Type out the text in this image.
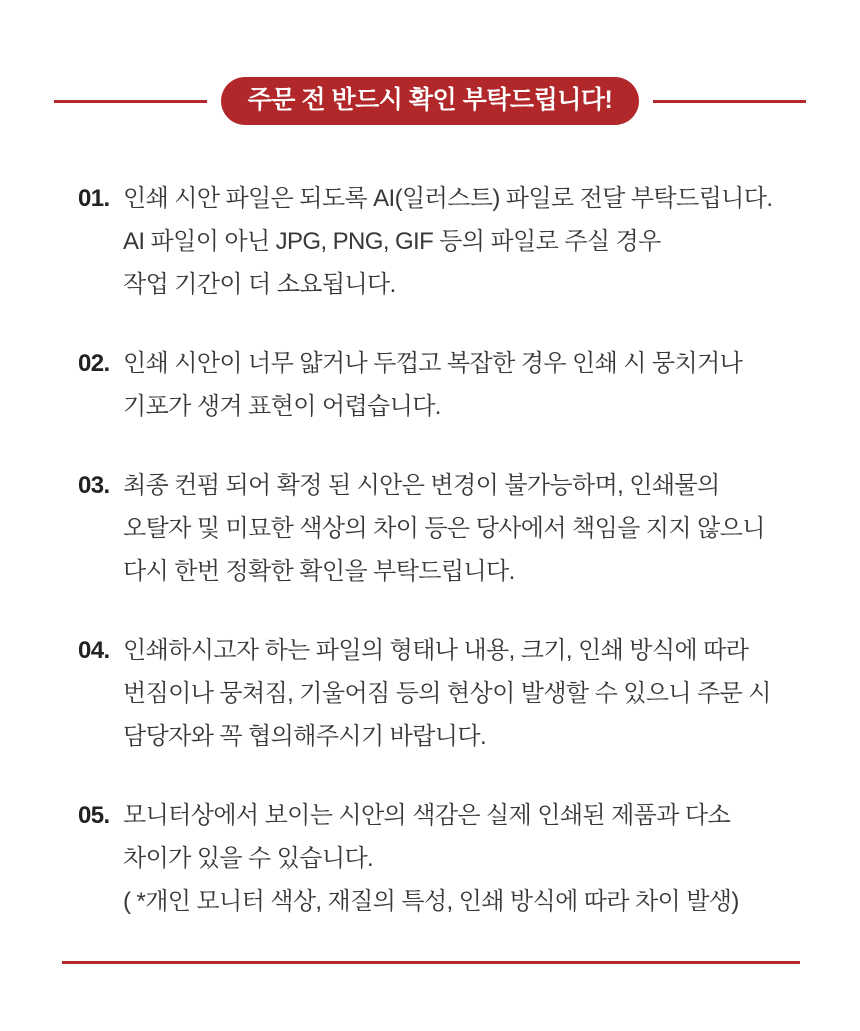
주문 전 반드시 확인 부탁드립니다!
01. 인쇄 시안 파일은 되도록 AI(일러스트) 파일로 전달 부탁드립니다.
AI 파일이 아닌 JPG, PNG, GIF 등의 파일로 주실 경우
작업 기간이 더 소요됩니다.
02. 인쇄 시안이 너무 얇거나 두껍고 복잡한 경우 인쇄 시 뭉치거나
기포가 생겨 표현이 어렵습니다.
03. 최종 컨펌 되어 확정 된 시안은 변경이 불가능하며, 인쇄물의
오탈자 및 미묘한 색상의 차이 등은 당사에서 책임을 지지 않으니
다시 한번 정확한 확인을 부탁드립니다.
04. 인쇄하시고자 하는 파일의 형태나 내용, 크기, 인쇄 방식에 따라
번짐이나 뭉쳐짐, 기울어짐 등의 현상이 발생할 수 있으니 주문 시
담당자와 꼭 협의해주시기 바랍니다.
05. 모니터상에서 보이는 시안의 색감은 실제 인쇄된 제품과 다소
차이가 있을 수 있습니다.
( *개인 모니터 색상, 재질의 특성, 인쇄 방식에 따라 차이 발생)
